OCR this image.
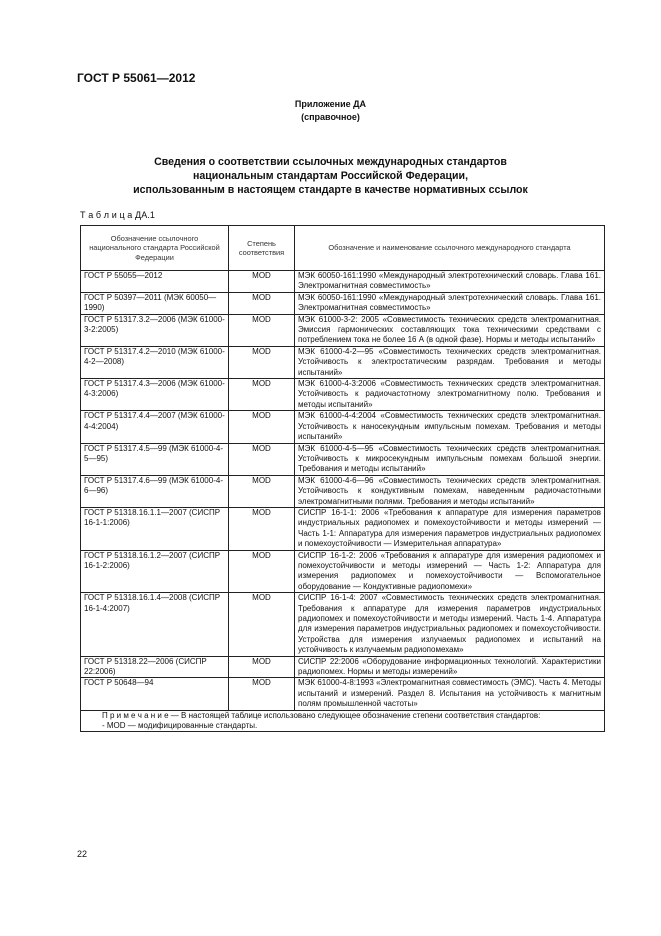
ГОСТ Р 55061—2012
Приложение ДА
(справочное)
Сведения о соответствии ссылочных международных стандартов
национальным стандартам Российской Федерации,
использованным в настоящем стандарте в качестве нормативных ссылок
Т а б л и ц а ДА.1
Обозначение ссылочного национального стандарта Российской Федерации	Степень соответствия	Обозначение и наименование ссылочного международного стандарта
ГОСТ Р 55055—2012	MOD	МЭК 60050-161:1990 «Международный электротехнический словарь. Глава 161. Электромагнитная совместимость»
ГОСТ Р 50397—2011 (МЭК 60050—1990)	MOD	МЭК 60050-161:1990 «Международный электротехнический словарь. Глава 161. Электромагнитная совместимость»
ГОСТ Р 51317.3.2—2006 (МЭК 61000-3-2:2005)	MOD	МЭК 61000-3-2: 2005 «Совместимость технических средств электромагнитная. Эмиссия гармонических составляющих тока техническими средствами с потреблением тока не более 16 А (в одной фазе). Нормы и методы испытаний»
ГОСТ Р 51317.4.2—2010 (МЭК 61000-4-2—2008)	MOD	МЭК 61000-4-2—95 «Совместимость технических средств электромагнитная. Устойчивость к электростатическим разрядам. Требования и методы испытаний»
ГОСТ Р 51317.4.3—2006 (МЭК 61000-4-3:2006)	MOD	МЭК 61000-4-3:2006 «Совместимость технических средств электромагнитная. Устойчивость к радиочастотному электромагнитному полю. Требования и методы испытаний»
ГОСТ Р 51317.4.4—2007 (МЭК 61000-4-4:2004)	MOD	МЭК 61000-4-4:2004 «Совместимость технических средств электромагнитная. Устойчивость к наносекундным импульсным помехам. Требования и методы испытаний»
ГОСТ Р 51317.4.5—99 (МЭК 61000-4-5—95)	MOD	МЭК 61000-4-5—95 «Совместимость технических средств электромагнитная. Устойчивость к микросекундным импульсным помехам большой энергии. Требования и методы испытаний»
ГОСТ Р 51317.4.6—99 (МЭК 61000-4-6—96)	MOD	МЭК 61000-4-6—96 «Совместимость технических средств электромагнитная. Устойчивость к кондуктивным помехам, наведенным радиочастотными электромагнитными полями. Требования и методы испытаний»
ГОСТ Р 51318.16.1.1—2007 (СИСПР 16-1-1:2006)	MOD	СИСПР 16-1-1: 2006 «Требования к аппаратуре для измерения параметров индустриальных радиопомех и помехоустойчивости и методы измерений — Часть 1-1: Аппаратура для измерения параметров индустриальных радиопомех и помехоустойчивости — Измерительная аппаратура»
ГОСТ Р 51318.16.1.2—2007 (СИСПР 16-1-2:2006)	MOD	СИСПР 16-1-2: 2006 «Требования к аппаратуре для измерения радиопомех и помехоустойчивости и методы измерений — Часть 1-2: Аппаратура для измерения радиопомех и помехоустойчивости — Вспомогательное оборудование — Кондуктивные радиопомехи»
ГОСТ Р 51318.16.1.4—2008 (СИСПР 16-1-4:2007)	MOD	СИСПР 16-1-4: 2007 «Совместимость технических средств электромагнитная. Требования к аппаратуре для измерения параметров индустриальных радиопомех и помехоустойчивости и методы измерений. Часть 1-4. Аппаратура для измерения параметров индустриальных радиопомех и помехоустойчивости. Устройства для измерения излучаемых радиопомех и испытаний на устойчивость к излучаемым радиопомехам»
ГОСТ Р 51318.22—2006 (СИСПР 22:2006)	MOD	СИСПР 22:2006 «Оборудование информационных технологий. Характеристики радиопомех. Нормы и методы измерений»
ГОСТ Р 50648—94	MOD	МЭК 61000-4-8:1993 «Электромагнитная совместимость (ЭМС). Часть 4. Методы испытаний и измерений. Раздел 8. Испытания на устойчивость к магнитным полям промышленной частоты»

П р и м е ч а н и е — В настоящей таблице использовано следующее обозначение степени соответствия стандартов:
- MOD — модифицированные стандарты.		
22
